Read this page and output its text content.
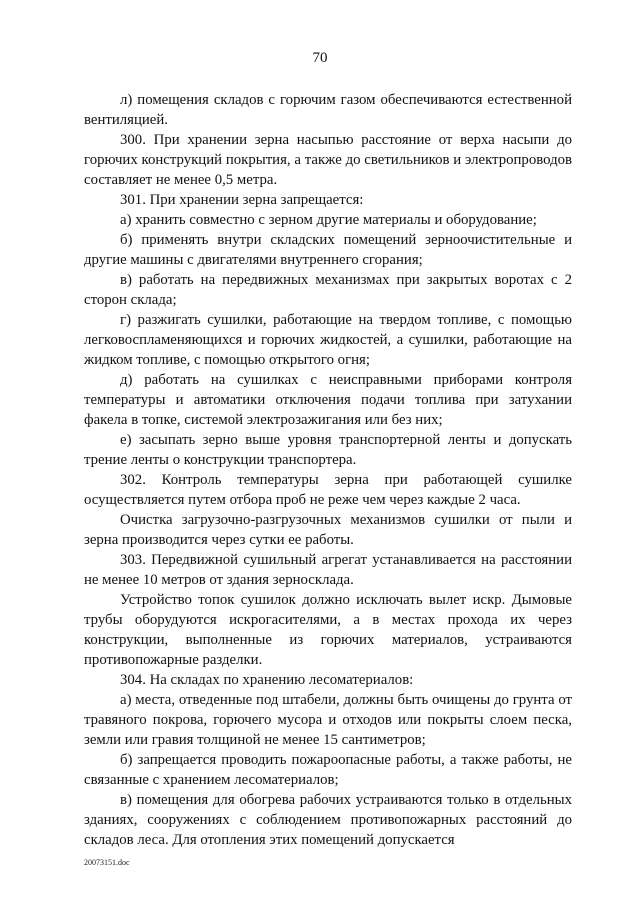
70

л) помещения складов с горючим газом обеспечиваются естественной вентиляцией.

300. При хранении зерна насыпью расстояние от верха насыпи до горючих конструкций покрытия, а также до светильников и электропроводов составляет не менее 0,5 метра.

301. При хранении зерна запрещается:

а) хранить совместно с зерном другие материалы и оборудование;

б) применять внутри складских помещений зерноочистительные и другие машины с двигателями внутреннего сгорания;

в) работать на передвижных механизмах при закрытых воротах с 2 сторон склада;

г) разжигать сушилки, работающие на твердом топливе, с помощью легковоспламеняющихся и горючих жидкостей, а сушилки, работающие на жидком топливе, с помощью открытого огня;

д) работать на сушилках с неисправными приборами контроля температуры и автоматики отключения подачи топлива при затухании факела в топке, системой электрозажигания или без них;

е) засыпать зерно выше уровня транспортерной ленты и допускать трение ленты о конструкции транспортера.

302. Контроль температуры зерна при работающей сушилке осуществляется путем отбора проб не реже чем через каждые 2 часа.

Очистка загрузочно-разгрузочных механизмов сушилки от пыли и зерна производится через сутки ее работы.

303. Передвижной сушильный агрегат устанавливается на расстоянии не менее 10 метров от здания зерносклада.

Устройство топок сушилок должно исключать вылет искр. Дымовые трубы оборудуются искрогасителями, а в местах прохода их через конструкции, выполненные из горючих материалов, устраиваются противопожарные разделки.

304. На складах по хранению лесоматериалов:

а) места, отведенные под штабели, должны быть очищены до грунта от травяного покрова, горючего мусора и отходов или покрыты слоем песка, земли или гравия толщиной не менее 15 сантиметров;

б) запрещается проводить пожароопасные работы, а также работы, не связанные с хранением лесоматериалов;

в) помещения для обогрева рабочих устраиваются только в отдельных зданиях, сооружениях с соблюдением противопожарных расстояний до складов леса. Для отопления этих помещений допускается

20073151.doc
